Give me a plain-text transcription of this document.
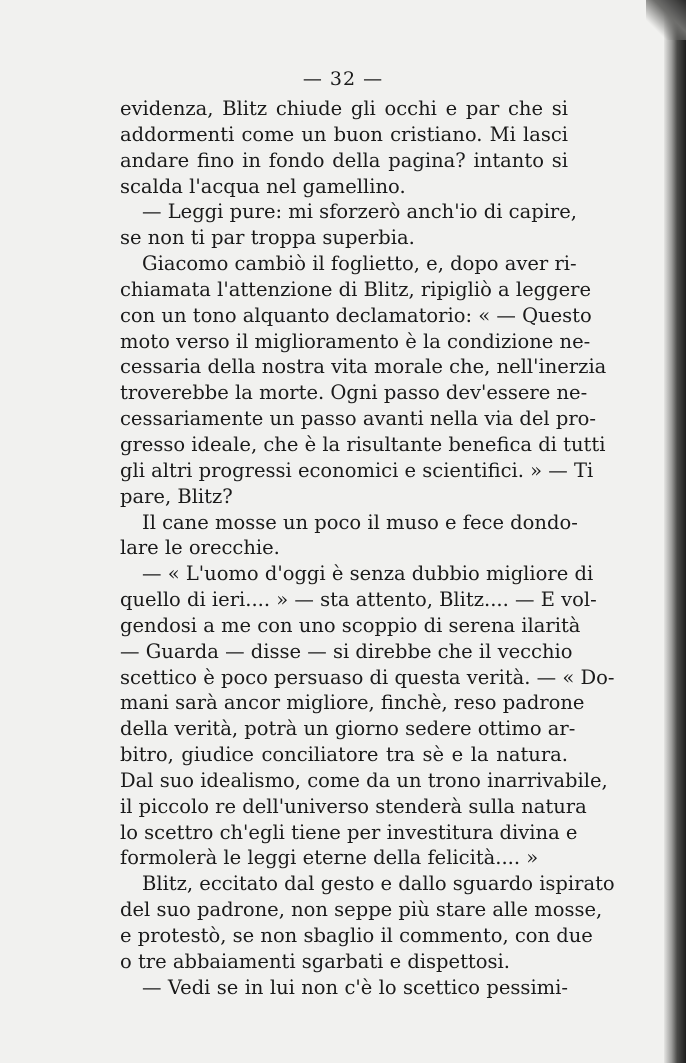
— 32 —
evidenza, Blitz chiude gli occhi e par che si
addormenti come un buon cristiano. Mi lasci
andare fino in fondo della pagina? intanto si
scalda l'acqua nel gamellino.
— Leggi pure: mi sforzerò anch'io di capire,
se non ti par troppa superbia.
Giacomo cambiò il foglietto, e, dopo aver ri-
chiamata l'attenzione di Blitz, ripigliò a leggere
con un tono alquanto declamatorio: « — Questo
moto verso il miglioramento è la condizione ne-
cessaria della nostra vita morale che, nell'inerzia
troverebbe la morte. Ogni passo dev'essere ne-
cessariamente un passo avanti nella via del pro-
gresso ideale, che è la risultante benefica di tutti
gli altri progressi economici e scientifici. » — Ti
pare, Blitz?
Il cane mosse un poco il muso e fece dondo-
lare le orecchie.
— « L'uomo d'oggi è senza dubbio migliore di
quello di ieri.... » — sta attento, Blitz.... — E vol-
gendosi a me con uno scoppio di serena ilarità
— Guarda — disse — si direbbe che il vecchio
scettico è poco persuaso di questa verità. — « Do-
mani sarà ancor migliore, finchè, reso padrone
della verità, potrà un giorno sedere ottimo ar-
bitro, giudice conciliatore tra sè e la natura.
Dal suo idealismo, come da un trono inarrivabile,
il piccolo re dell'universo stenderà sulla natura
lo scettro ch'egli tiene per investitura divina e
formolerà le leggi eterne della felicità.... »
Blitz, eccitato dal gesto e dallo sguardo ispirato
del suo padrone, non seppe più stare alle mosse,
e protestò, se non sbaglio il commento, con due
o tre abbaiamenti sgarbati e dispettosi.
— Vedi se in lui non c'è lo scettico pessimi-
